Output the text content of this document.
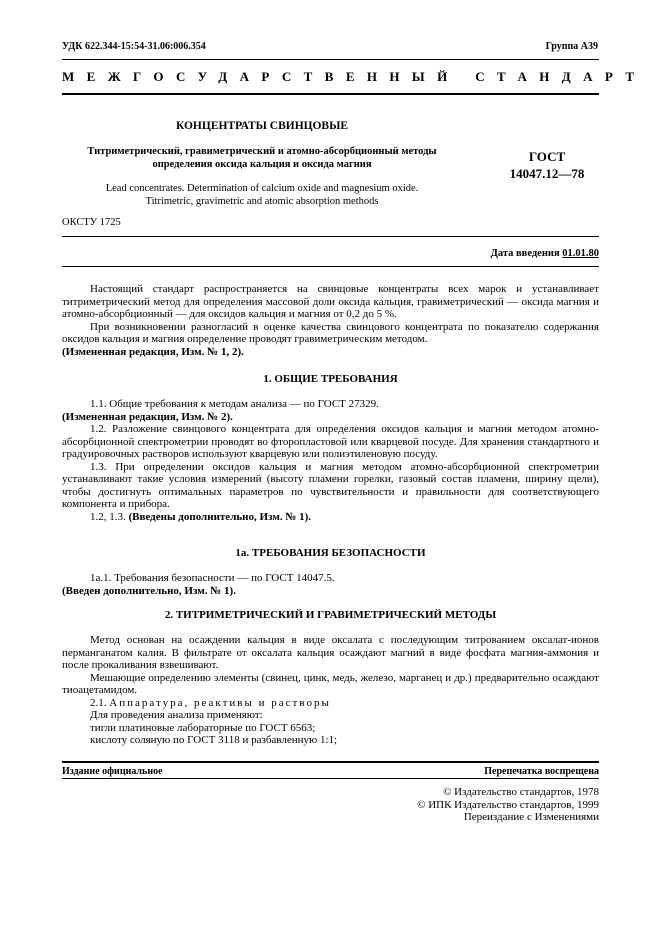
УДК 622.344-15:54-31.06:006.354	Группа А39
МЕЖГОСУДАРСТВЕННЫЙ СТАНДАРТ
КОНЦЕНТРАТЫ СВИНЦОВЫЕ
Титриметрический, гравиметрический и атомно-абсорбционный методы
определения оксида кальция и оксида магния
ГОСТ
14047.12—78
Lead concentrates. Determination of calcium oxide and magnesium oxide.
Titrimetric, gravimetric and atomic absorption methods
ОКСТУ 1725
Дата введения 01.01.80

Настоящий стандарт распространяется на свинцовые концентраты всех марок и устанавливает титриметрический метод для определения массовой доли оксида кальция, гравиметрический — оксида магния и атомно-абсорбционный — для оксидов кальция и магния от 0,2 до 5 %.

При возникновении разногласий в оценке качества свинцового концентрата по показателю содержания оксидов кальция и магния определение проводят гравиметрическим методом.

(Измененная редакция, Изм. № 1, 2).

1. ОБЩИЕ ТРЕБОВАНИЯ

1.1. Общие требования к методам анализа — по ГОСТ 27329.

(Измененная редакция, Изм. № 2).

1.2. Разложение свинцового концентрата для определения оксидов кальция и магния методом атомно-абсорбционной спектрометрии проводят во фторопластовой или кварцевой посуде. Для хранения стандартного и градуировочных растворов используют кварцевую или полиэтиленовую посуду.

1.3. При определении оксидов кальция и магния методом атомно-абсорбционной спектрометрии устанавливают такие условия измерений (высоту пламени горелки, газовый состав пламени, ширину щели), чтобы достигнуть оптимальных параметров по чувствительности и правильности для соответствующего компонента и прибора.

1.2, 1.3. (Введены дополнительно, Изм. № 1).

1а. ТРЕБОВАНИЯ БЕЗОПАСНОСТИ

1а.1. Требования безопасности — по ГОСТ 14047.5.

(Введен дополнительно, Изм. № 1).

2. ТИТРИМЕТРИЧЕСКИЙ И ГРАВИМЕТРИЧЕСКИЙ МЕТОДЫ

Метод основан на осаждении кальция в виде оксалата с последующим титрованием оксалат-ионов перманганатом калия. В фильтрате от оксалата кальция осаждают магний в виде фосфата магния-аммония и после прокаливания взвешивают.

Мешающие определению элементы (свинец, цинк, медь, железо, марганец и др.) предварительно осаждают тиоацетамидом.

2.1. Аппаратура, реактивы и растворы

Для проведения анализа применяют:

тигли платиновые лабораторные по ГОСТ 6563;

кислоту соляную по ГОСТ 3118 и разбавленную 1:1;

Издание официальное	Перепечатка воспрещена
© Издательство стандартов, 1978
© ИПК Издательство стандартов, 1999
Переиздание с Изменениями
